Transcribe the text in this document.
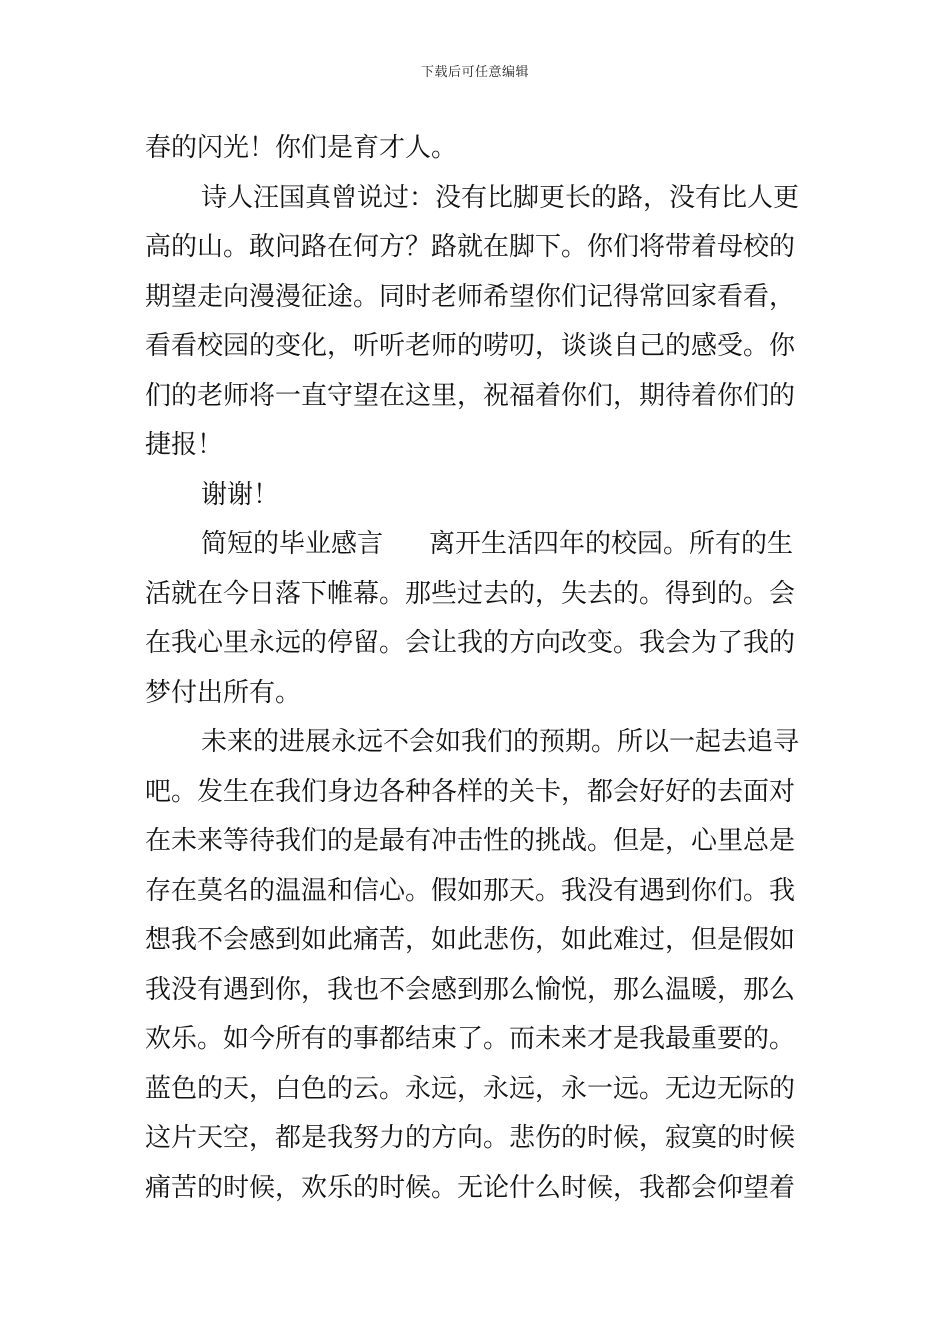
下载后可任意编辑

春的闪光！你们是育才人。

诗人汪国真曾说过：没有比脚更长的路，没有比人更

高的山。敢问路在何方？路就在脚下。你们将带着母校的

期望走向漫漫征途。同时老师希望你们记得常回家看看，

看看校园的变化，听听老师的唠叨，谈谈自己的感受。你

们的老师将一直守望在这里，祝福着你们，期待着你们的

捷报！

谢谢！

简短的毕业感言 离开生活四年的校园。所有的生

活就在今日落下帷幕。那些过去的，失去的。得到的。会

在我心里永远的停留。会让我的方向改变。我会为了我的

梦付出所有。

未来的进展永远不会如我们的预期。所以一起去追寻

吧。发生在我们身边各种各样的关卡，都会好好的去面对

在未来等待我们的是最有冲击性的挑战。但是，心里总是

存在莫名的温温和信心。假如那天。我没有遇到你们。我

想我不会感到如此痛苦，如此悲伤，如此难过，但是假如

我没有遇到你，我也不会感到那么愉悦，那么温暖，那么

欢乐。如今所有的事都结束了。而未来才是我最重要的。

蓝色的天，白色的云。永远，永远，永一远。无边无际的

这片天空，都是我努力的方向。悲伤的时候，寂寞的时候

痛苦的时候，欢乐的时候。无论什么时候，我都会仰望着
